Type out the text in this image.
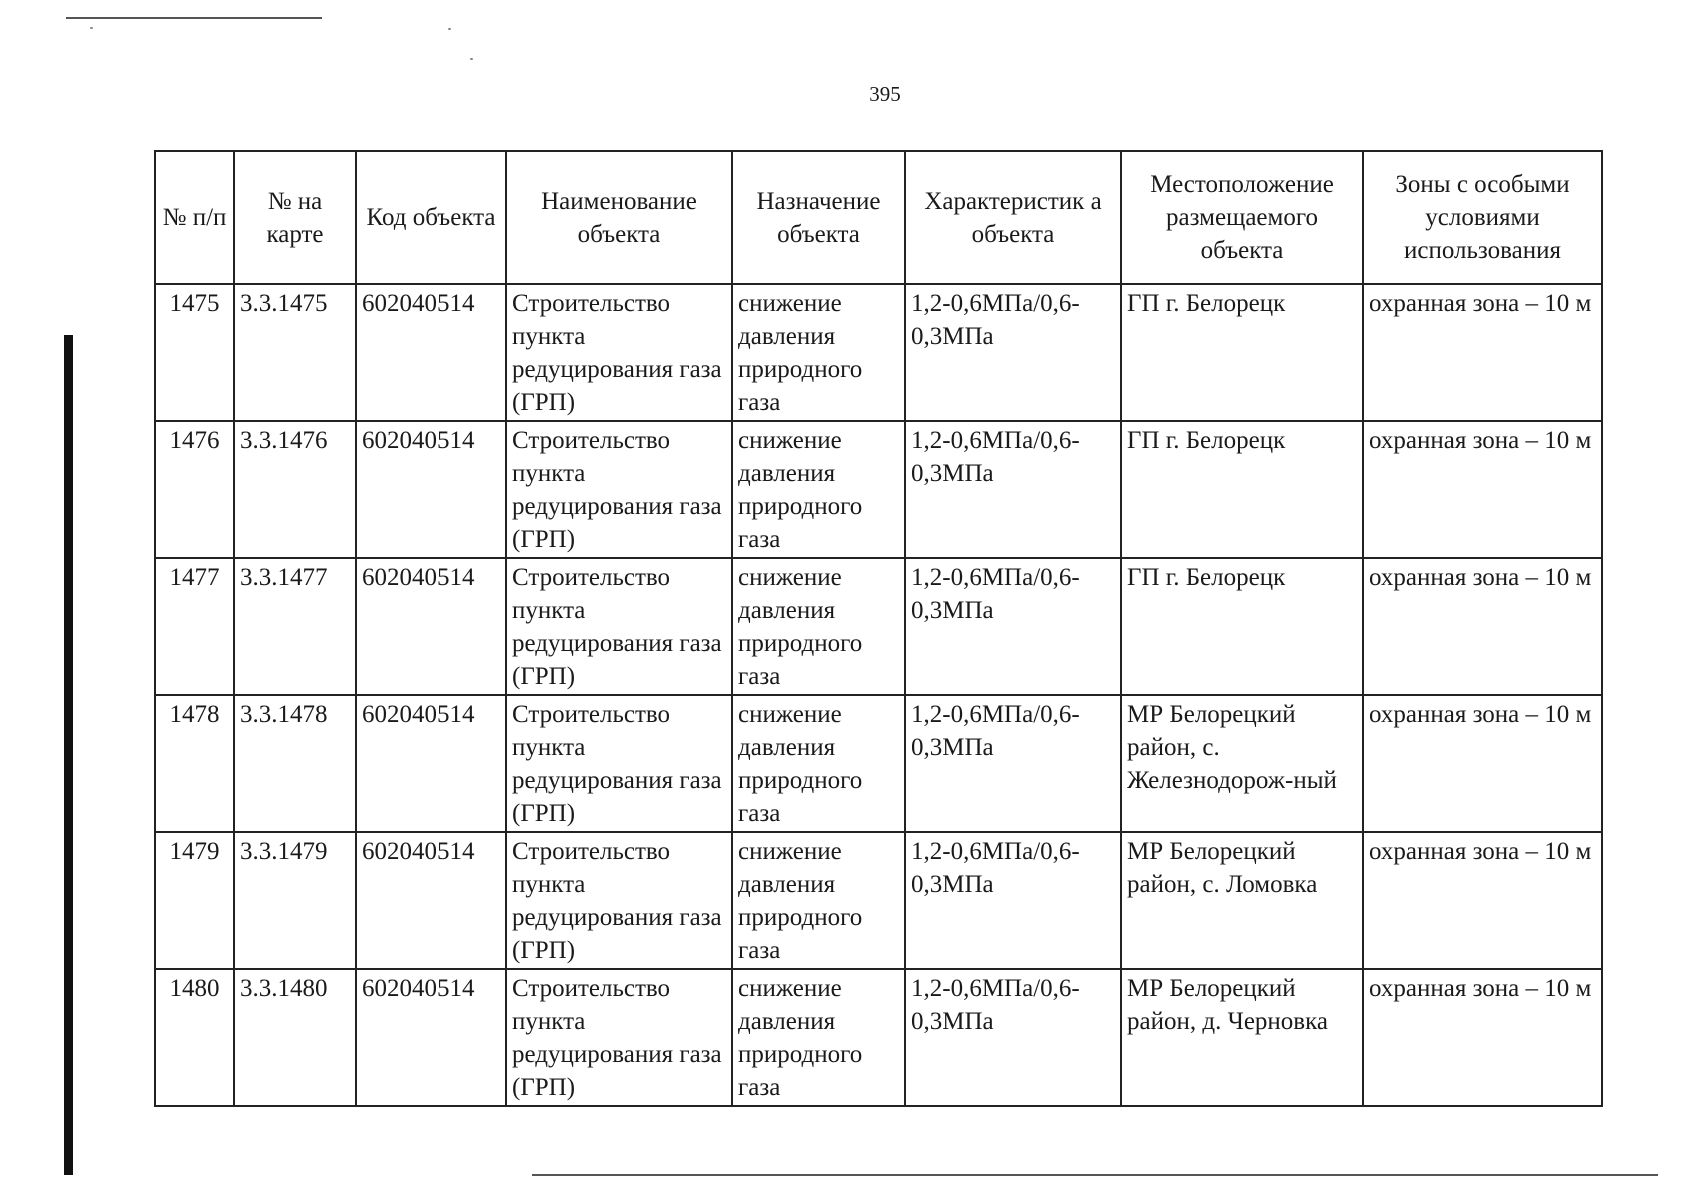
395
№ п/п	№ на карте	Код объекта	Наименование объекта	Назначение объекта	Характеристик а объекта	Местоположение размещаемого объекта	Зоны с особыми условиями использования
1475	3.3.1475	602040514	Строительство пункта редуцирования газа (ГРП)	снижение давления природного газа	1,2-0,6МПа/0,6-0,3МПа	ГП г. Белорецк	охранная зона – 10 м
1476	3.3.1476	602040514	Строительство пункта редуцирования газа (ГРП)	снижение давления природного газа	1,2-0,6МПа/0,6-0,3МПа	ГП г. Белорецк	охранная зона – 10 м
1477	3.3.1477	602040514	Строительство пункта редуцирования газа (ГРП)	снижение давления природного газа	1,2-0,6МПа/0,6-0,3МПа	ГП г. Белорецк	охранная зона – 10 м
1478	3.3.1478	602040514	Строительство пункта редуцирования газа (ГРП)	снижение давления природного газа	1,2-0,6МПа/0,6-0,3МПа	МР Белорецкий район, с. Железнодорож-ный	охранная зона – 10 м
1479	3.3.1479	602040514	Строительство пункта редуцирования газа (ГРП)	снижение давления природного газа	1,2-0,6МПа/0,6-0,3МПа	МР Белорецкий район, с. Ломовка	охранная зона – 10 м
1480	3.3.1480	602040514	Строительство пункта редуцирования газа (ГРП)	снижение давления природного газа	1,2-0,6МПа/0,6-0,3МПа	МР Белорецкий район, д. Черновка	охранная зона – 10 м
